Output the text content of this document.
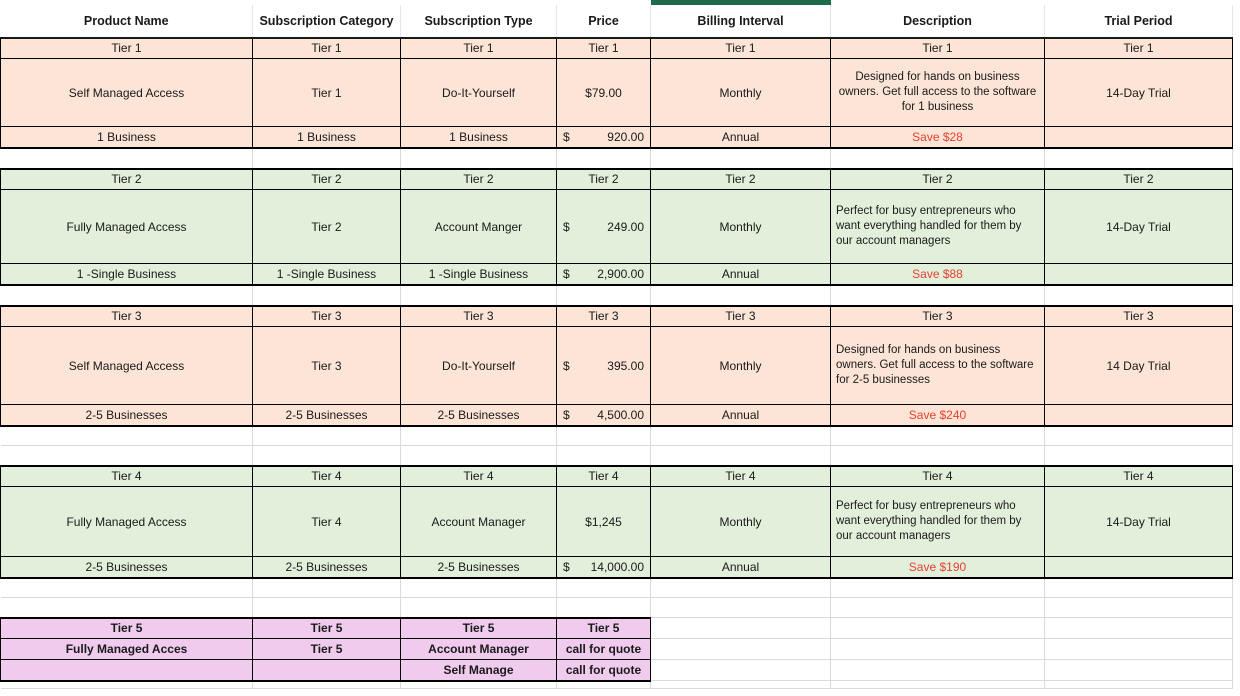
Product Name	Subscription Category	Subscription Type	Price	Billing Interval	Description	Trial Period
Tier 1	Tier 1	Tier 1	Tier 1	Tier 1	Tier 1	Tier 1
Self Managed Access	Tier 1	Do-It-Yourself	$79.00	Monthly	Designed for hands on business owners. Get full access to the software for 1 business	14-Day Trial
1 Business	1 Business	1 Business	$ 920.00	Annual	Save $28	

Tier 2	Tier 2	Tier 2	Tier 2	Tier 2	Tier 2	Tier 2
Fully Managed Access	Tier 2	Account Manger	$ 249.00	Monthly	Perfect for busy entrepreneurs who want everything handled for them by our account managers	14-Day Trial
1 -Single Business	1 -Single Business	1 -Single Business	$ 2,900.00	Annual	Save $88	

Tier 3	Tier 3	Tier 3	Tier 3	Tier 3	Tier 3	Tier 3
Self Managed Access	Tier 3	Do-It-Yourself	$ 395.00	Monthly	Designed for hands on business owners. Get full access to the software for 2-5 businesses	14 Day Trial
2-5 Businesses	2-5 Businesses	2-5 Businesses	$ 4,500.00	Annual	Save $240	

Tier 4	Tier 4	Tier 4	Tier 4	Tier 4	Tier 4	Tier 4
Fully Managed Access	Tier 4	Account Manager	$1,245	Monthly	Perfect for busy entrepreneurs who want everything handled for them by our account managers	14-Day Trial
2-5 Businesses	2-5 Businesses	2-5 Businesses	$ 14,000.00	Annual	Save $190	

Tier 5	Tier 5	Tier 5	Tier 5			
Fully Managed Acces	Tier 5	Account Manager	call for quote			
		Self Manage	call for quote			
